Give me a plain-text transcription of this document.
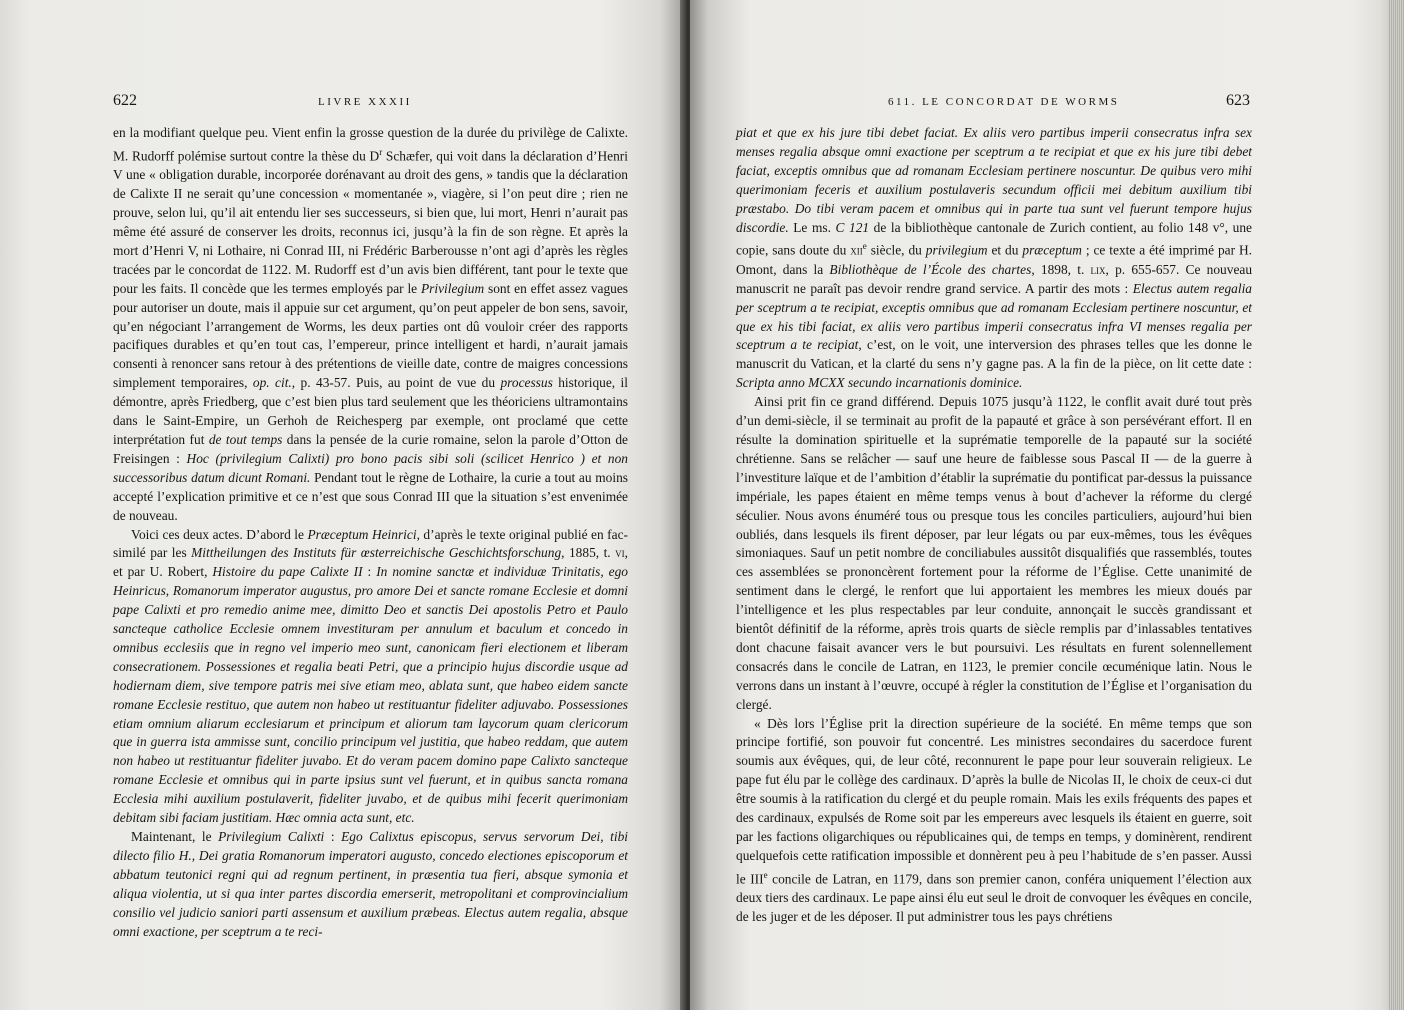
622	LIVRE XXXII

en la modifiant quelque peu. Vient enfin la grosse question de la durée du privilège de Calixte. M. Rudorff polémise surtout contre la thèse du $D^r$ Schæfer, qui voit dans la déclaration d’Henri V une « obligation durable, incorporée dorénavant au droit des gens, » tandis que la déclaration de Calixte II ne serait qu’une concession « momentanée », viagère, si l’on peut dire ; rien ne prouve, selon lui, qu’il ait entendu lier ses successeurs, si bien que, lui mort, Henri n’aurait pas même été assuré de conserver les droits, reconnus ici, jusqu’à la fin de son règne. Et après la mort d’Henri V, ni Lothaire, ni Conrad III, ni Frédéric Barberousse n’ont agi d’après les règles tracées par le concordat de 1122. M. Rudorff est d’un avis bien différent, tant pour le texte que pour les faits. Il concède que les termes employés par le Privilegium sont en effet assez vagues pour autoriser un doute, mais il appuie sur cet argument, qu’on peut appeler de bon sens, savoir, qu’en négociant l’arrangement de Worms, les deux parties ont dû vouloir créer des rapports pacifiques durables et qu’en tout cas, l’empereur, prince intelligent et hardi, n’aurait jamais consenti à renoncer sans retour à des prétentions de vieille date, contre de maigres concessions simplement temporaires, op. cit., p. 43-57. Puis, au point de vue du processus historique, il démontre, après Friedberg, que c’est bien plus tard seulement que les théoriciens ultramontains dans le Saint-Empire, un Gerhoh de Reichesperg par exemple, ont proclamé que cette interprétation fut de tout temps dans la pensée de la curie romaine, selon la parole d’Otton de Freisingen : Hoc (privilegium Calixti) pro bono pacis sibi soli (scilicet Henrico ) et non successoribus datum dicunt Romani. Pendant tout le règne de Lothaire, la curie a tout au moins accepté l’explication primitive et ce n’est que sous Conrad III que la situation s’est envenimée de nouveau.

Voici ces deux actes. D’abord le Præceptum Heinrici, d’après le texte original publié en fac-similé par les Mittheilungen des Instituts für œsterreichische Geschichtsforschung, 1885, t. vi, et par U. Robert, Histoire du pape Calixte II : In nomine sanctæ et individuæ Trinitatis, ego Heinricus, Romanorum imperator augustus, pro amore Dei et sancte romane Ecclesie et domni pape Calixti et pro remedio anime mee, dimitto Deo et sanctis Dei apostolis Petro et Paulo sancteque catholice Ecclesie omnem investituram per annulum et baculum et concedo in omnibus ecclesiis que in regno vel imperio meo sunt, canonicam fieri electionem et liberam consecrationem. Possessiones et regalia beati Petri, que a principio hujus discordie usque ad hodiernam diem, sive tempore patris mei sive etiam meo, ablata sunt, que habeo eidem sancte romane Ecclesie restituo, que autem non habeo ut restituantur fideliter adjuvabo. Possessiones etiam omnium aliarum ecclesiarum et principum et aliorum tam laycorum quam clericorum que in guerra ista ammisse sunt, concilio principum vel justitia, que habeo reddam, que autem non habeo ut restituantur fideliter juvabo. Et do veram pacem domino pape Calixto sancteque romane Ecclesie et omnibus qui in parte ipsius sunt vel fuerunt, et in quibus sancta romana Ecclesia mihi auxilium postulaverit, fideliter juvabo, et de quibus mihi fecerit querimoniam debitam sibi faciam justitiam. Hæc omnia acta sunt, etc.

Maintenant, le Privilegium Calixti : Ego Calixtus episcopus, servus servorum Dei, tibi dilecto filio H., Dei gratia Romanorum imperatori augusto, concedo electiones episcoporum et abbatum teutonici regni qui ad regnum pertinent, in præsentia tua fieri, absque symonia et aliqua violentia, ut si qua inter partes discordia emerserit, metropolitani et comprovincialium consilio vel judicio saniori parti assensum et auxilium præbeas. Electus autem regalia, absque omni exactione, per sceptrum a te reci-

611. LE CONCORDAT DE WORMS	623

piat et que ex his jure tibi debet faciat. Ex aliis vero partibus imperii consecratus infra sex menses regalia absque omni exactione per sceptrum a te recipiat et que ex his jure tibi debet faciat, exceptis omnibus que ad romanam Ecclesiam pertinere noscuntur. De quibus vero mihi querimoniam feceris et auxilium postulaveris secundum officii mei debitum auxilium tibi præstabo. Do tibi veram pacem et omnibus qui in parte tua sunt vel fuerunt tempore hujus discordie. Le ms. C 121 de la bibliothèque cantonale de Zurich contient, au folio 148 v°, une copie, sans doute du xii$^e$ siècle, du privilegium et du præceptum ; ce texte a été imprimé par H. Omont, dans la Bibliothèque de l’École des chartes, 1898, t. lix, p. 655-657. Ce nouveau manuscrit ne paraît pas devoir rendre grand service. A partir des mots : Electus autem regalia per sceptrum a te recipiat, exceptis omnibus que ad romanam Ecclesiam pertinere noscuntur, et que ex his tibi faciat, ex aliis vero partibus imperii consecratus infra VI menses regalia per sceptrum a te recipiat, c’est, on le voit, une interversion des phrases telles que les donne le manuscrit du Vatican, et la clarté du sens n’y gagne pas. A la fin de la pièce, on lit cette date : Scripta anno MCXX secundo incarnationis dominice.

Ainsi prit fin ce grand différend. Depuis 1075 jusqu’à 1122, le conflit avait duré tout près d’un demi-siècle, il se terminait au profit de la papauté et grâce à son persévérant effort. Il en résulte la domination spirituelle et la suprématie temporelle de la papauté sur la société chrétienne. Sans se relâcher — sauf une heure de faiblesse sous Pascal II — de la guerre à l’investiture laïque et de l’ambition d’établir la suprématie du pontificat par-dessus la puissance impériale, les papes étaient en même temps venus à bout d’achever la réforme du clergé séculier. Nous avons énuméré tous ou presque tous les conciles particuliers, aujourd’hui bien oubliés, dans lesquels ils firent déposer, par leur légats ou par eux-mêmes, tous les évêques simoniaques. Sauf un petit nombre de conciliabules aussitôt disqualifiés que rassemblés, toutes ces assemblées se prononcèrent fortement pour la réforme de l’Église. Cette unanimité de sentiment dans le clergé, le renfort que lui apportaient les membres les mieux doués par l’intelligence et les plus respectables par leur conduite, annonçait le succès grandissant et bientôt définitif de la réforme, après trois quarts de siècle remplis par d’inlassables tentatives dont chacune faisait avancer vers le but poursuivi. Les résultats en furent solennellement consacrés dans le concile de Latran, en 1123, le premier concile œcuménique latin. Nous le verrons dans un instant à l’œuvre, occupé à régler la constitution de l’Église et l’organisation du clergé.

« Dès lors l’Église prit la direction supérieure de la société. En même temps que son principe fortifié, son pouvoir fut concentré. Les ministres secondaires du sacerdoce furent soumis aux évêques, qui, de leur côté, reconnurent le pape pour leur souverain religieux. Le pape fut élu par le collège des cardinaux. D’après la bulle de Nicolas II, le choix de ceux-ci dut être soumis à la ratification du clergé et du peuple romain. Mais les exils fréquents des papes et des cardinaux, expulsés de Rome soit par les empereurs avec lesquels ils étaient en guerre, soit par les factions oligarchiques ou républicaines qui, de temps en temps, y dominèrent, rendirent quelquefois cette ratification impossible et donnèrent peu à peu l’habitude de s’en passer. Aussi le IIIe concile de Latran, en 1179, dans son premier canon, conféra uniquement l’élection aux deux tiers des cardinaux. Le pape ainsi élu eut seul le droit de convoquer les évêques en concile, de les juger et de les déposer. Il put administrer tous les pays chrétiens
